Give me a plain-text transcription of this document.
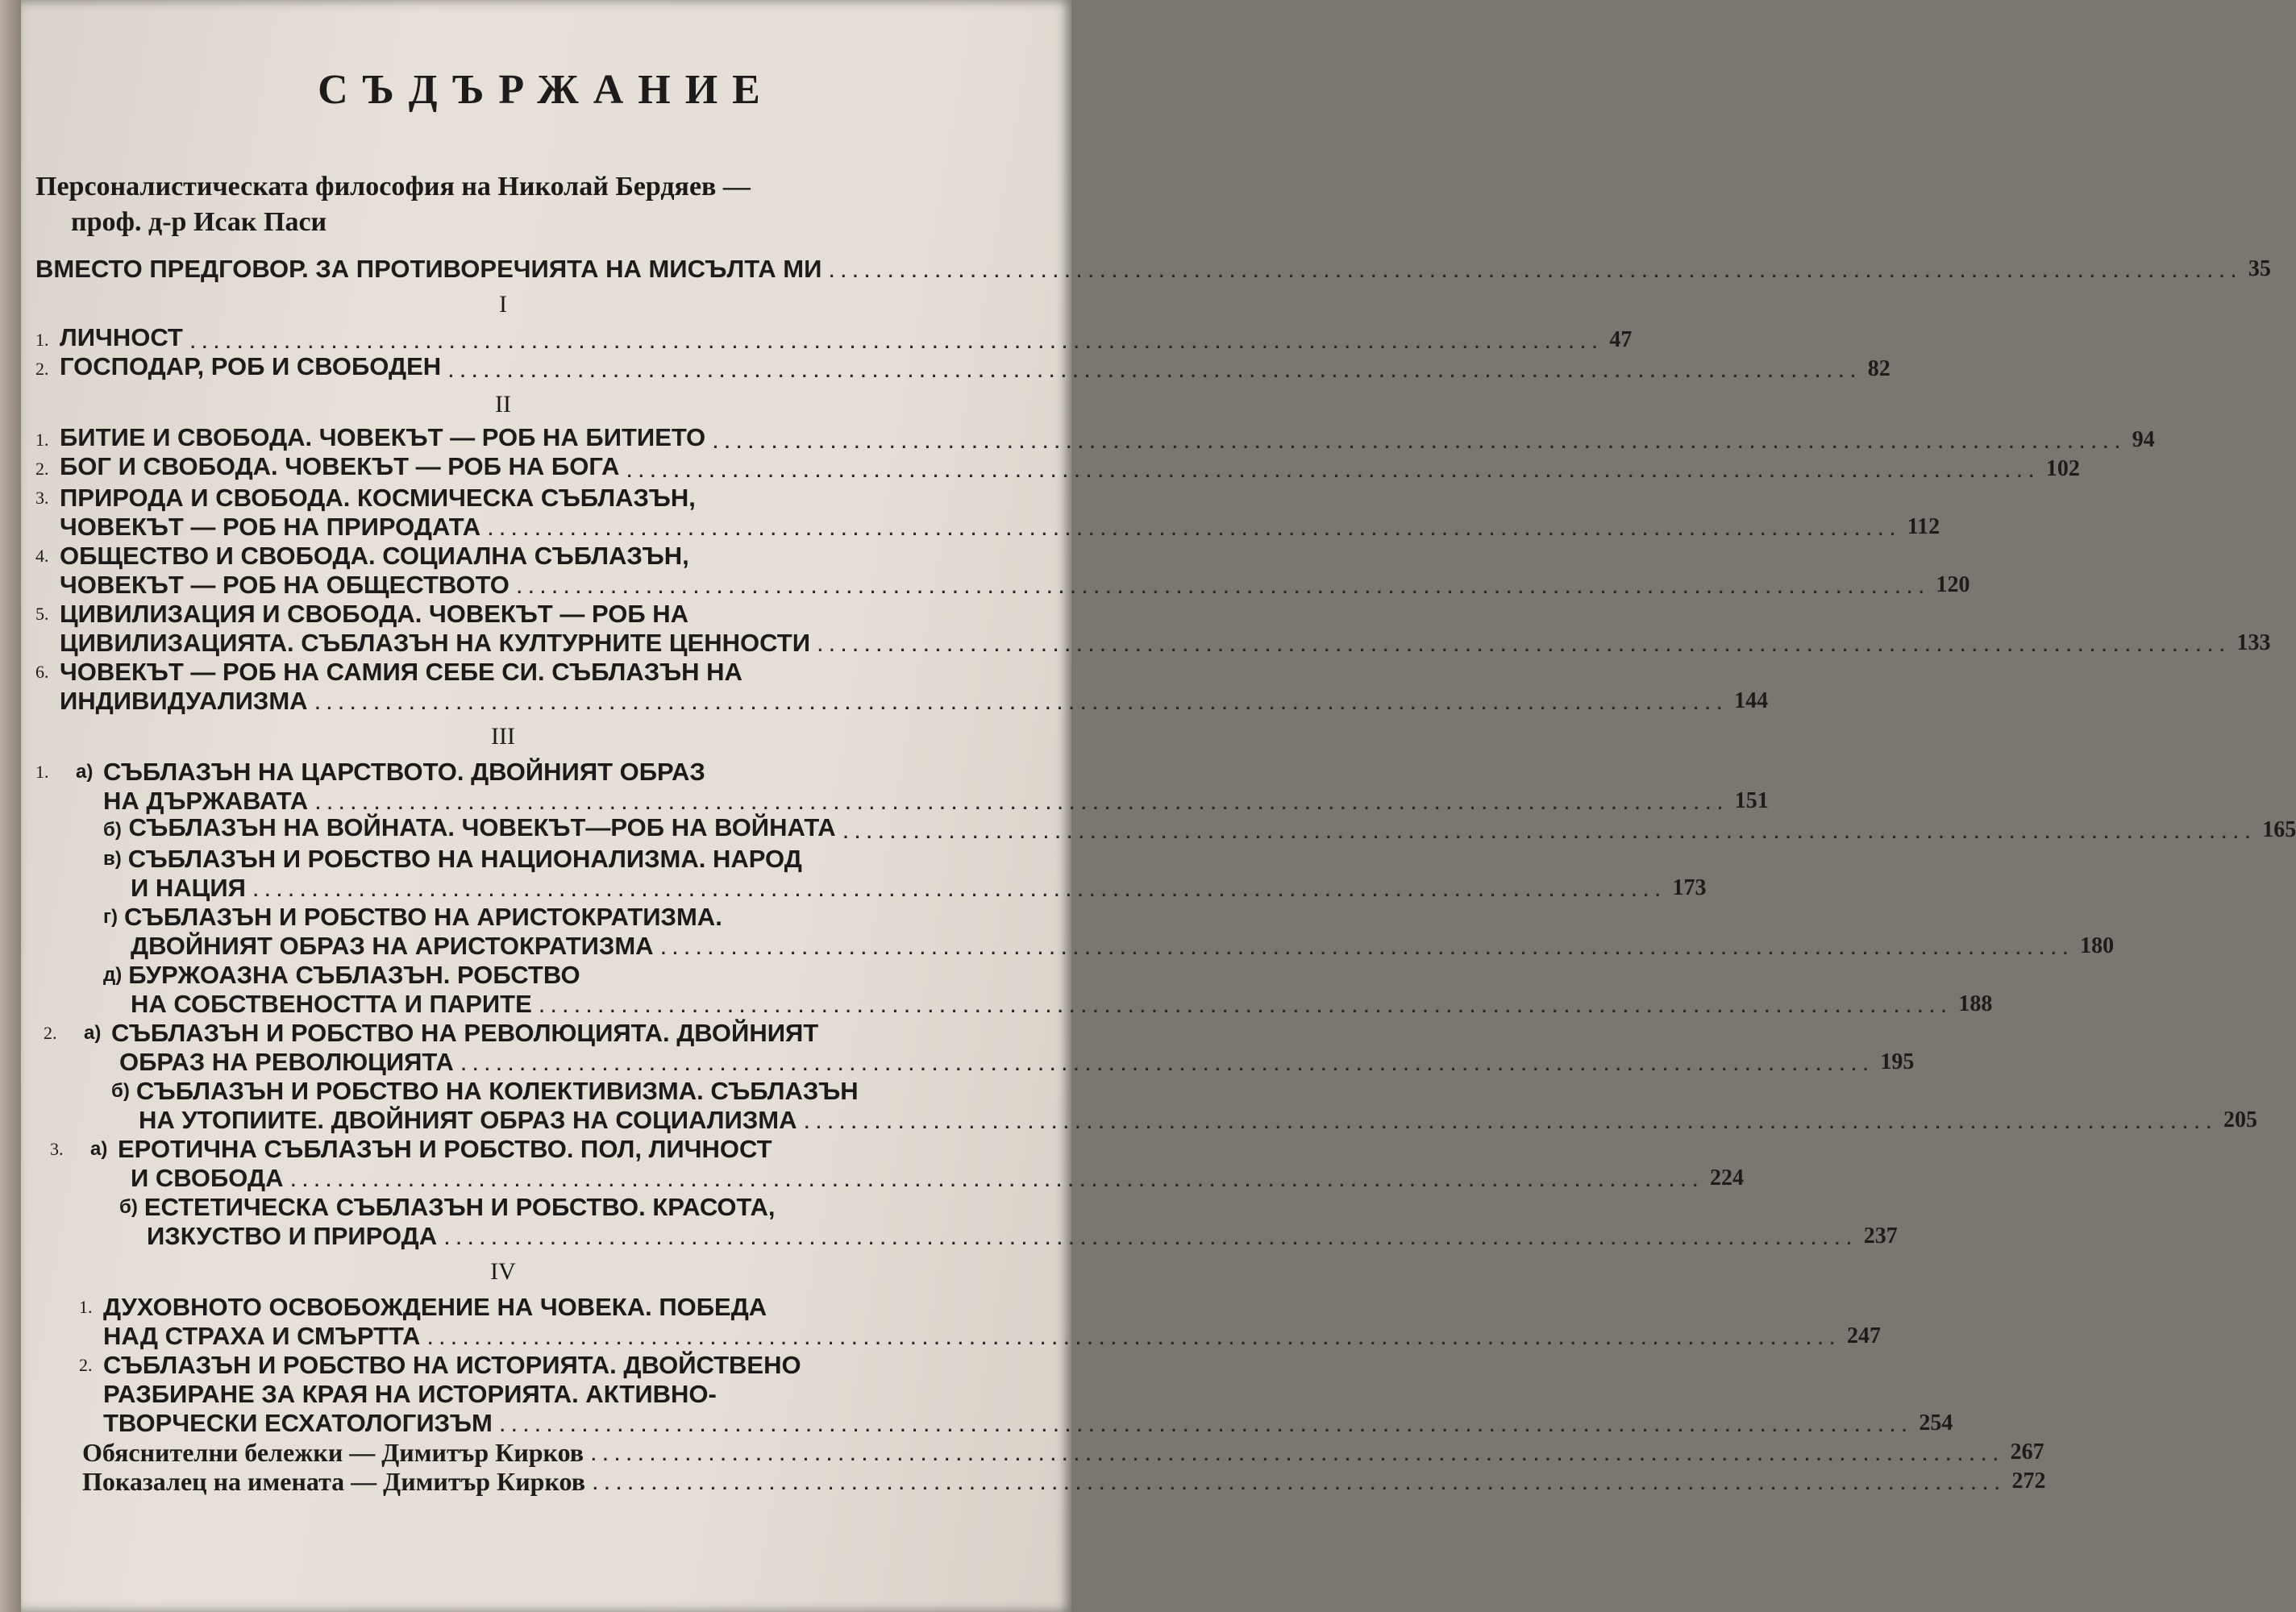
СЪДЪРЖАНИЕ
Персоналистическата философия на Николай Бердяев —
проф. д-р Исак Паси
ВМЕСТО ПРЕДГОВОР. ЗА ПРОТИВОРЕЧИЯТА НА МИСЪЛТА МИ ........................................................................................................................ 35
I
1. ЛИЧНОСТ ........................................................................................................................ 47
2. ГОСПОДАР, РОБ И СВОБОДЕН ........................................................................................................................ 82
II
1. БИТИЕ И СВОБОДА. ЧОВЕКЪТ — РОБ НА БИТИЕТО ........................................................................................................................ 94
2. БОГ И СВОБОДА. ЧОВЕКЪТ — РОБ НА БОГА ........................................................................................................................ 102
3. ПРИРОДА И СВОБОДА. КОСМИЧЕСКА СЪБЛАЗЪН,
ЧОВЕКЪТ — РОБ НА ПРИРОДАТА ........................................................................................................................ 112
4. ОБЩЕСТВО И СВОБОДА. СОЦИАЛНА СЪБЛАЗЪН,
ЧОВЕКЪТ — РОБ НА ОБЩЕСТВОТО ........................................................................................................................ 120
5. ЦИВИЛИЗАЦИЯ И СВОБОДА. ЧОВЕКЪТ — РОБ НА
ЦИВИЛИЗАЦИЯТА. СЪБЛАЗЪН НА КУЛТУРНИТЕ ЦЕННОСТИ ........................................................................................................................ 133
6. ЧОВЕКЪТ — РОБ НА САМИЯ СЕБЕ СИ. СЪБЛАЗЪН НА
ИНДИВИДУАЛИЗМА ........................................................................................................................ 144
III
1.	а) СЪБЛАЗЪН НА ЦАРСТВОТО. ДВОЙНИЯТ ОБРАЗ
НА ДЪРЖАВАТА ........................................................................................................................ 151
б) СЪБЛАЗЪН НА ВОЙНАТА. ЧОВЕКЪТ—РОБ НА ВОЙНАТА ........................................................................................................................ 165
в) СЪБЛАЗЪН И РОБСТВО НА НАЦИОНАЛИЗМА. НАРОД
И НАЦИЯ ........................................................................................................................ 173
г) СЪБЛАЗЪН И РОБСТВО НА АРИСТОКРАТИЗМА.
ДВОЙНИЯТ ОБРАЗ НА АРИСТОКРАТИЗМА ........................................................................................................................ 180
д) БУРЖОАЗНА СЪБЛАЗЪН. РОБСТВО
НА СОБСТВЕНОСТТА И ПАРИТЕ ........................................................................................................................ 188
2.	а) СЪБЛАЗЪН И РОБСТВО НА РЕВОЛЮЦИЯТА. ДВОЙНИЯТ
ОБРАЗ НА РЕВОЛЮЦИЯТА ........................................................................................................................ 195
б) СЪБЛАЗЪН И РОБСТВО НА КОЛЕКТИВИЗМА. СЪБЛАЗЪН
НА УТОПИИТЕ. ДВОЙНИЯТ ОБРАЗ НА СОЦИАЛИЗМА ........................................................................................................................ 205
3.	а) ЕРОТИЧНА СЪБЛАЗЪН И РОБСТВО. ПОЛ, ЛИЧНОСТ
И СВОБОДА ........................................................................................................................ 224
б) ЕСТЕТИЧЕСКА СЪБЛАЗЪН И РОБСТВО. КРАСОТА,
ИЗКУСТВО И ПРИРОДА ........................................................................................................................ 237
IV
1. ДУХОВНОТО ОСВОБОЖДЕНИЕ НА ЧОВЕКА. ПОБЕДА
НАД СТРАХА И СМЪРТТА ........................................................................................................................ 247
2. СЪБЛАЗЪН И РОБСТВО НА ИСТОРИЯТА. ДВОЙСТВЕНО
РАЗБИРАНЕ ЗА КРАЯ НА ИСТОРИЯТА. АКТИВНО-
ТВОРЧЕСКИ ЕСХАТОЛОГИЗЪМ ........................................................................................................................ 254
Обяснителни бележки — Димитър Кирков ........................................................................................................................ 267
Показалец на имената — Димитър Кирков ........................................................................................................................ 272
